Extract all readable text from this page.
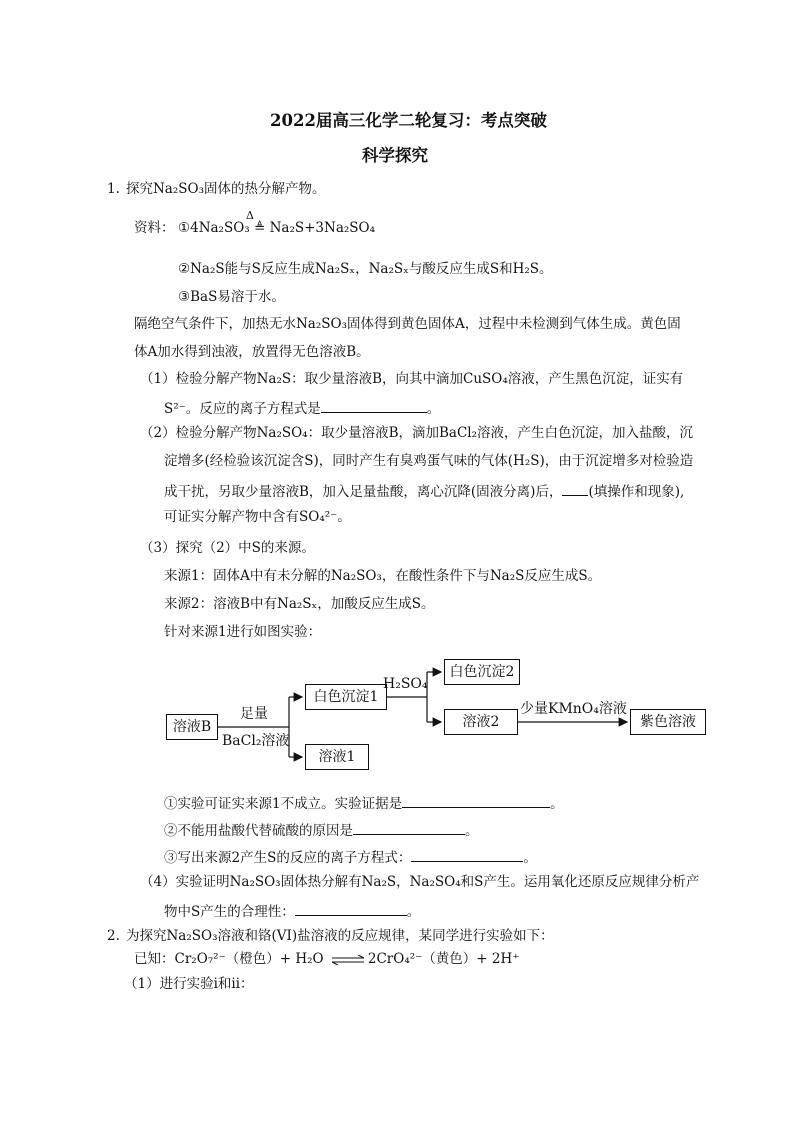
2022届高三化学二轮复习：考点突破
科学探究
1. 探究Na₂SO₃固体的热分解产物。
资料： ①4Na₂SO₃ ≜ Na₂S+3Na₂SO₄
Δ
②Na₂S能与S反应生成Na₂Sₓ，Na₂Sₓ与酸反应生成S和H₂S。
③BaS易溶于水。
隔绝空气条件下，加热无水Na₂SO₃固体得到黄色固体A，过程中未检测到气体生成。黄色固
体A加水得到浊液，放置得无色溶液B。
（1）检验分解产物Na₂S：取少量溶液B，向其中滴加CuSO₄溶液，产生黑色沉淀，证实有
S²⁻。反应的离子方程式是	。
（2）检验分解产物Na₂SO₄：取少量溶液B，滴加BaCl₂溶液，产生白色沉淀，加入盐酸，沉
淀增多(经检验该沉淀含S)，同时产生有臭鸡蛋气味的气体(H₂S)，由于沉淀增多对检验造
成干扰，另取少量溶液B，加入足量盐酸，离心沉降(固液分离)后， (填操作和现象),
可证实分解产物中含有SO₄²⁻。
（3）探究（2）中S的来源。
来源1：固体A中有未分解的Na₂SO₃，在酸性条件下与Na₂S反应生成S。
来源2：溶液B中有Na₂Sₓ，加酸反应生成S。
针对来源1进行如图实验：
溶液B
足量
BaCl₂溶液
白色沉淀1
溶液1
H₂SO₄
白色沉淀2
溶液2
少量KMnO₄溶液
紫色溶液
①实验可证实来源1不成立。实验证据是	。
②不能用盐酸代替硫酸的原因是	。
③写出来源2产生S的反应的离子方程式：	。
（4）实验证明Na₂SO₃固体热分解有Na₂S，Na₂SO₄和S产生。运用氧化还原反应规律分析产
物中S产生的合理性：	。
2. 为探究Na₂SO₃溶液和铬(VI)盐溶液的反应规律，某同学进行实验如下：
已知：Cr₂O₇²⁻（橙色）+ H₂O ⇌ 2CrO₄²⁻（黄色）+ 2H⁺
（1）进行实验ⅰ和ⅱ：
